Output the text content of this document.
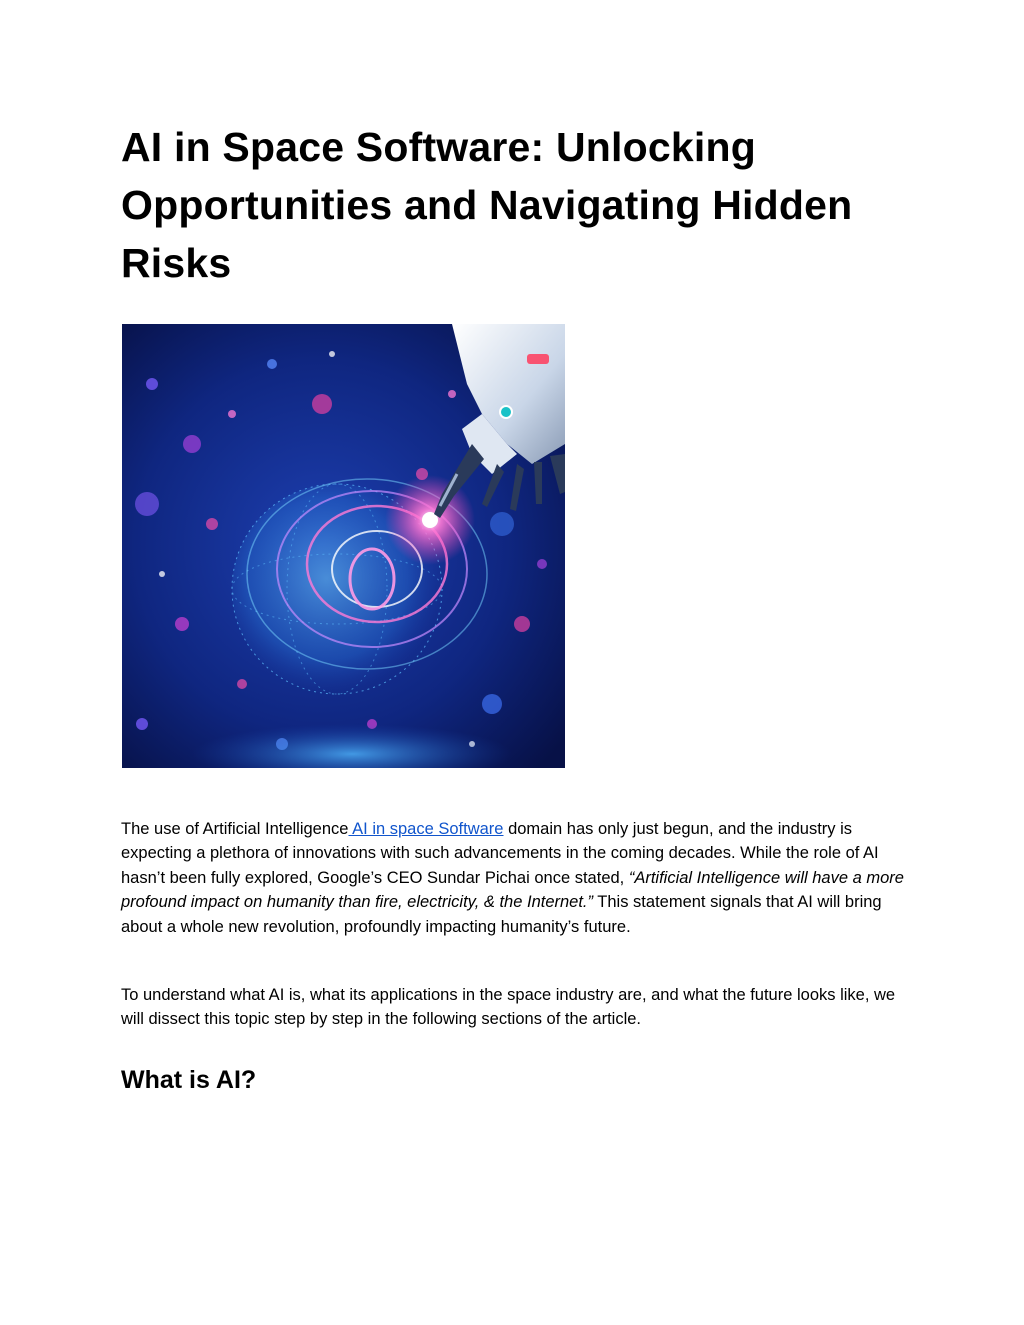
AI in Space Software: Unlocking Opportunities and Navigating Hidden Risks

The use of Artificial Intelligence AI in space Software domain has only just begun, and the industry is expecting a plethora of innovations with such advancements in the coming decades. While the role of AI hasn’t been fully explored, Google’s CEO Sundar Pichai once stated, “Artificial Intelligence will have a more profound impact on humanity than fire, electricity, & the Internet.” This statement signals that AI will bring about a whole new revolution, profoundly impacting humanity’s future.

To understand what AI is, what its applications in the space industry are, and what the future looks like, we will dissect this topic step by step in the following sections of the article.

What is AI?
